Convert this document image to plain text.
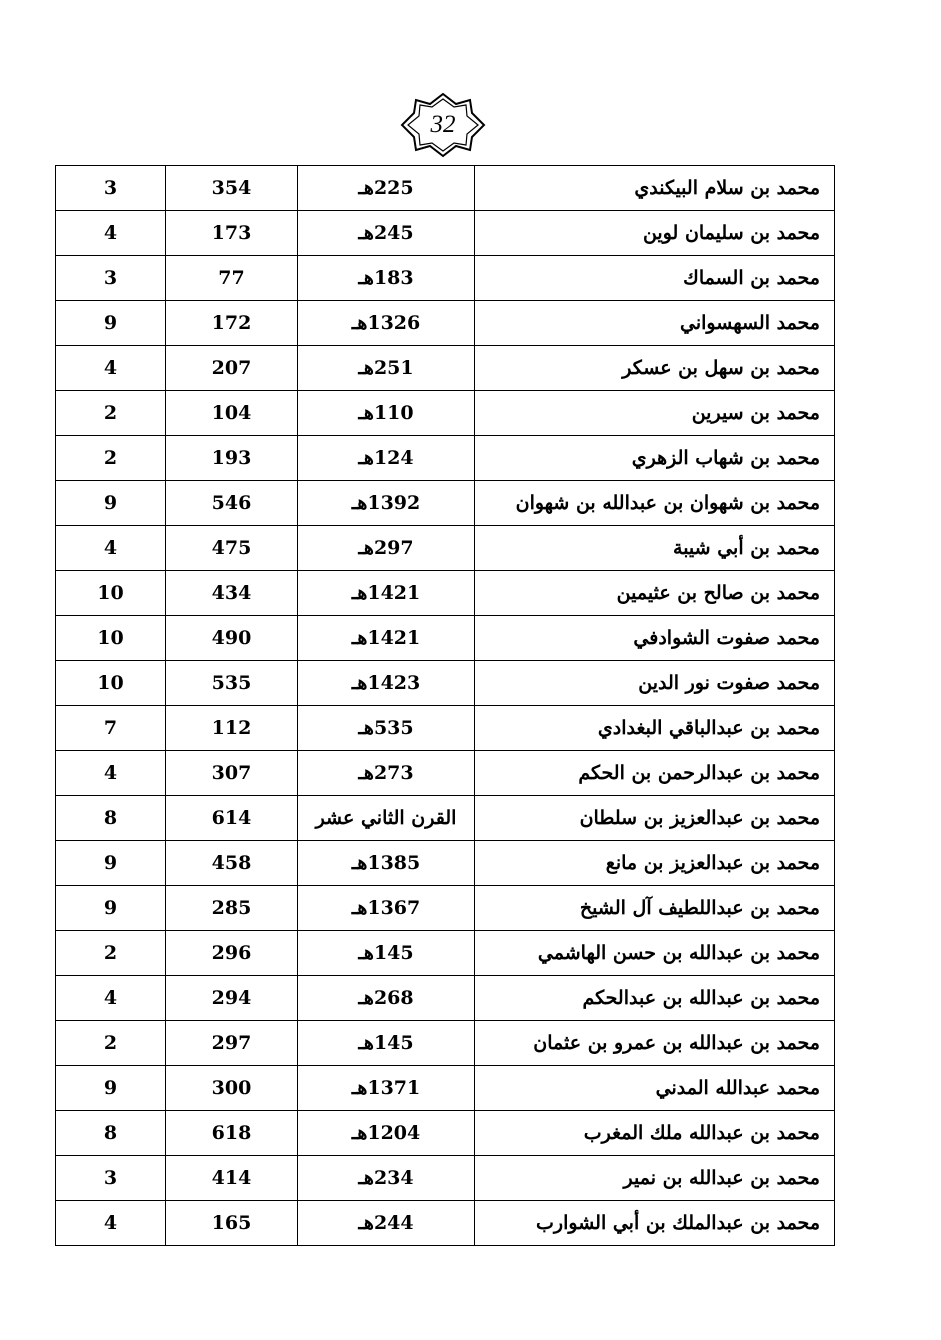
32
3	354	225هـ	محمد بن سلام البيكندي
4	173	245هـ	محمد بن سليمان لوين
3	77	183هـ	محمد بن السماك
9	172	1326هـ	محمد السهسواني
4	207	251هـ	محمد بن سهل بن عسكر
2	104	110هـ	محمد بن سيرين
2	193	124هـ	محمد بن شهاب الزهري
9	546	1392هـ	محمد بن شهوان بن عبدالله بن شهوان
4	475	297هـ	محمد بن أبي شيبة
10	434	1421هـ	محمد بن صالح بن عثيمين
10	490	1421هـ	محمد صفوت الشوادفي
10	535	1423هـ	محمد صفوت نور الدين
7	112	535هـ	محمد بن عبدالباقي البغدادي
4	307	273هـ	محمد بن عبدالرحمن بن الحكم
8	614	القرن الثاني عشر	محمد بن عبدالعزيز بن سلطان
9	458	1385هـ	محمد بن عبدالعزيز بن مانع
9	285	1367هـ	محمد بن عبداللطيف آل الشيخ
2	296	145هـ	محمد بن عبدالله بن حسن الهاشمي
4	294	268هـ	محمد بن عبدالله بن عبدالحكم
2	297	145هـ	محمد بن عبدالله بن عمرو بن عثمان
9	300	1371هـ	محمد عبدالله المدني
8	618	1204هـ	محمد بن عبدالله ملك المغرب
3	414	234هـ	محمد بن عبدالله بن نمير
4	165	244هـ	محمد بن عبدالملك بن أبي الشوارب
